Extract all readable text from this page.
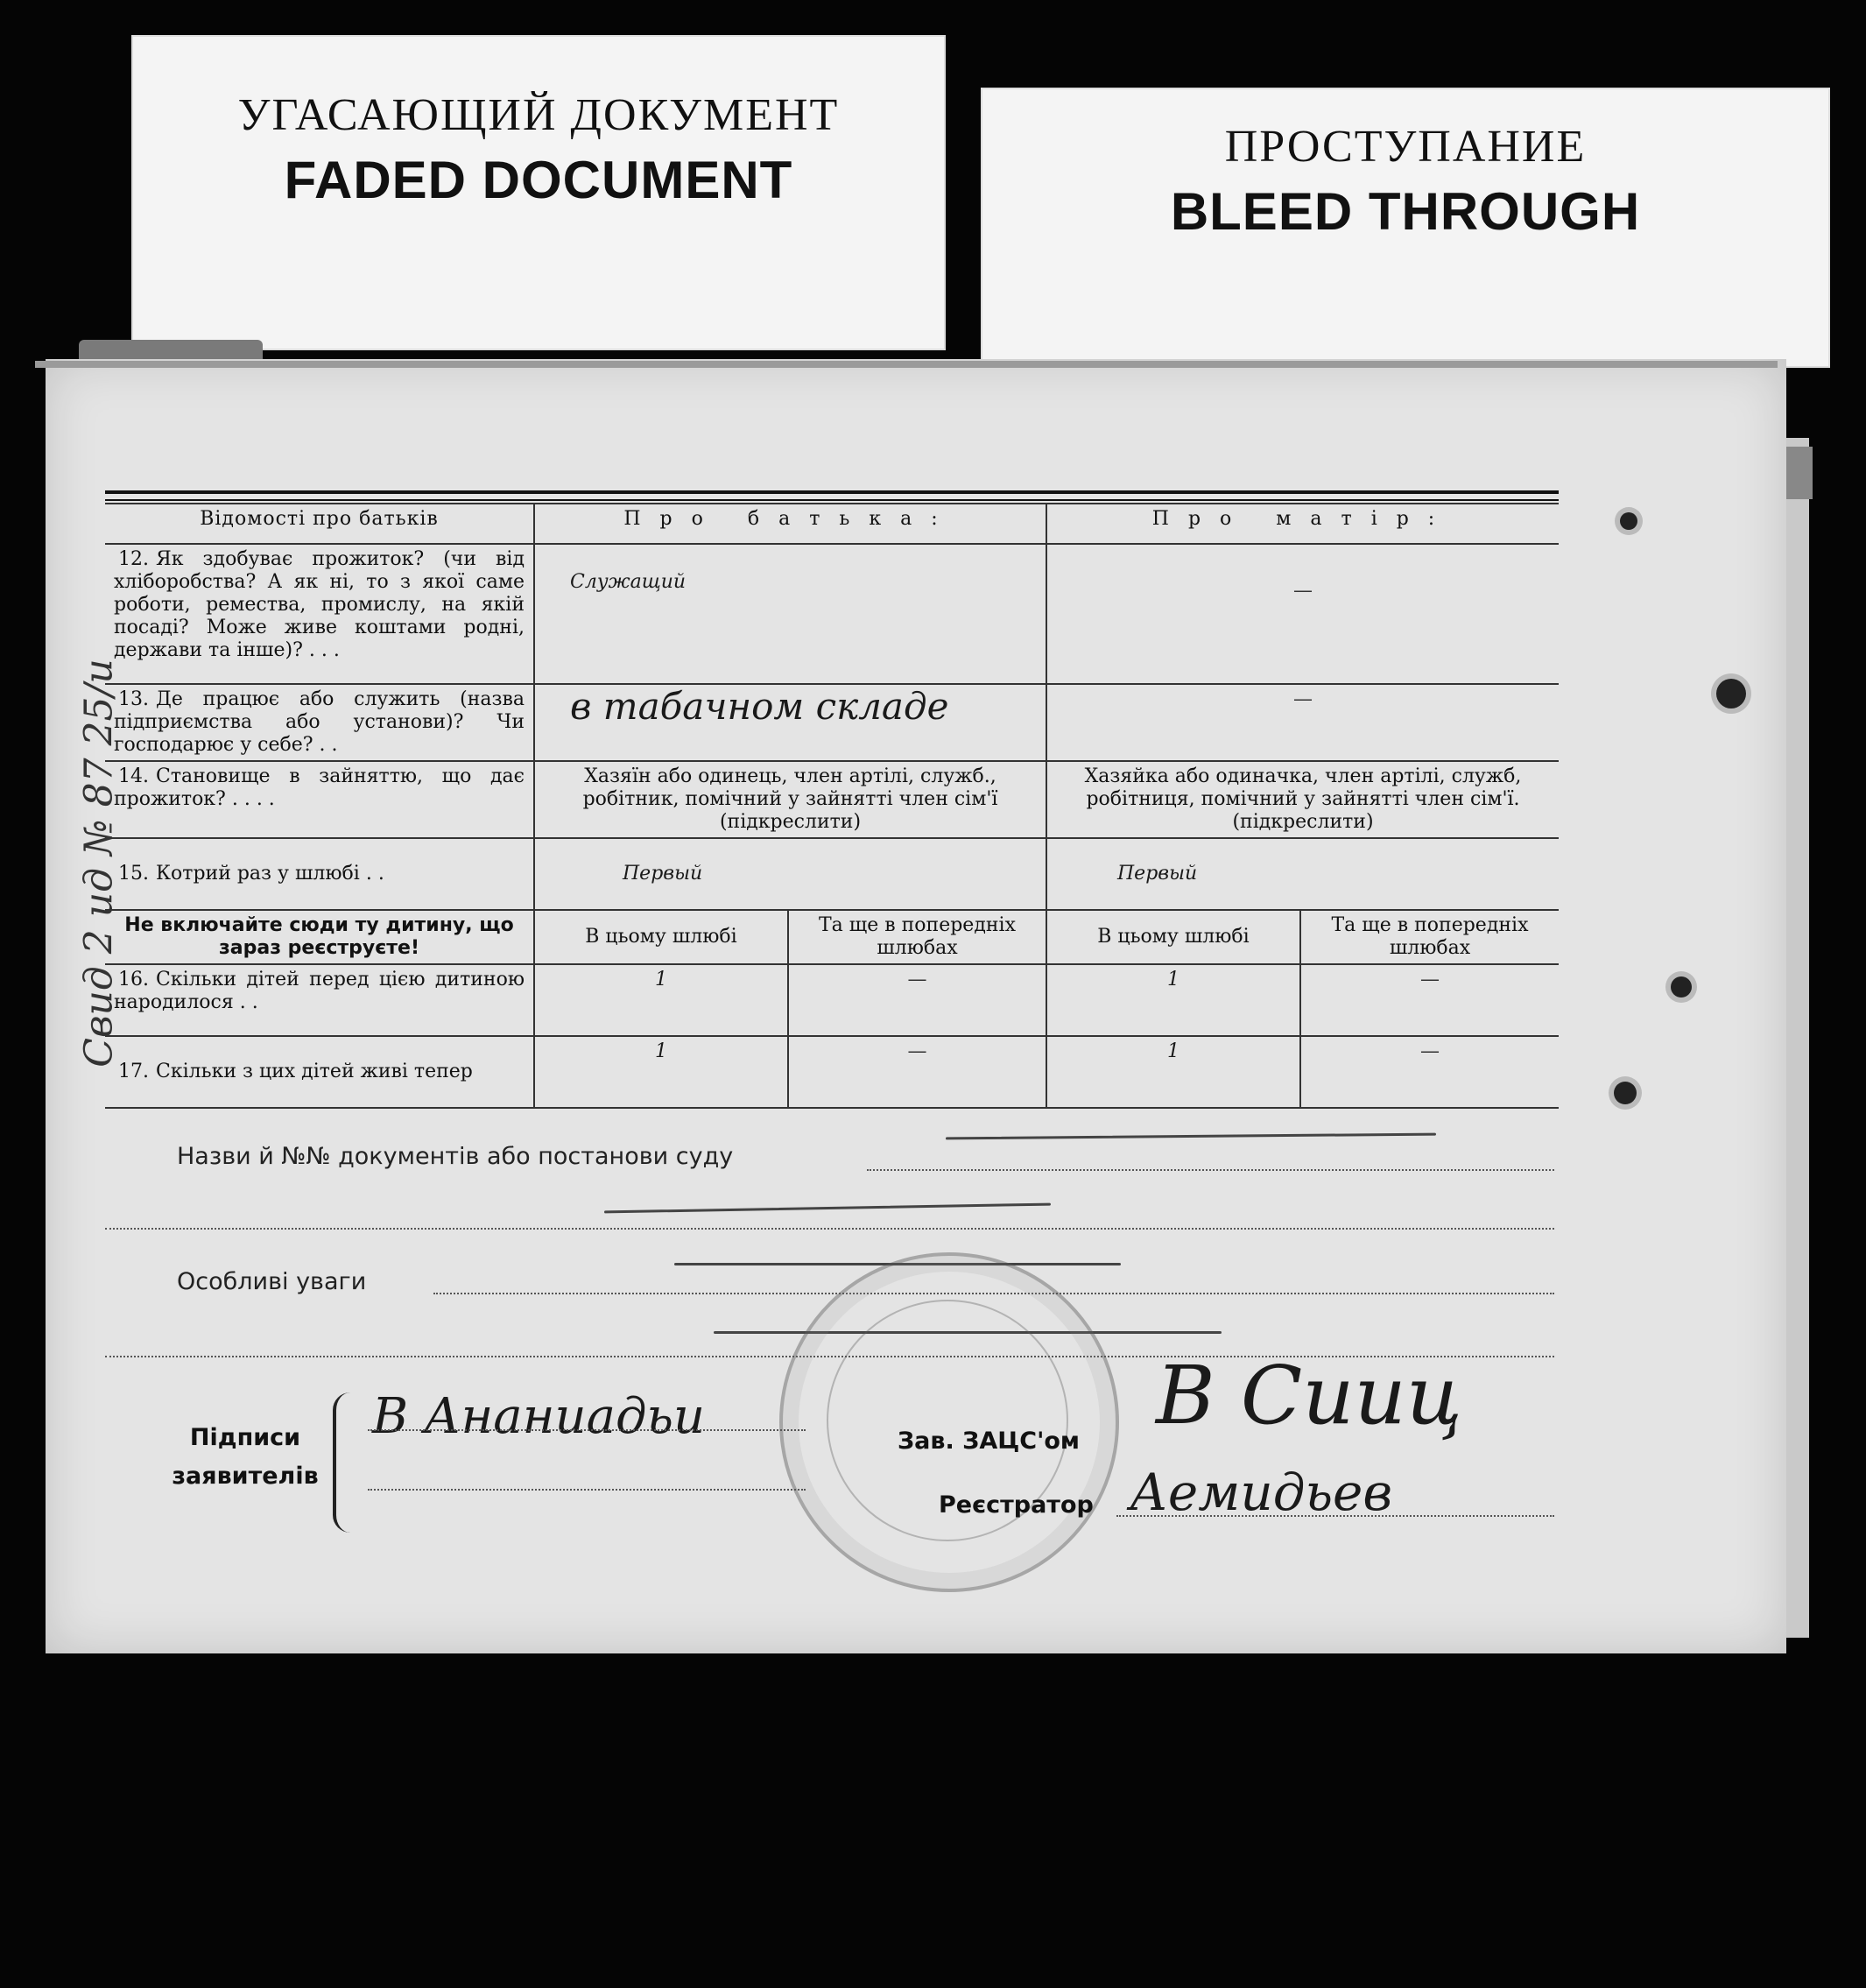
УГАСАЮЩИЙ ДОКУМЕНТ
FADED DOCUMENT
ПРОСТУПАНИЕ
BLEED THROUGH
Свид 2 ид № 87 25/и
Відомості про батьків	Про батька:		Про матір:	
12. Як здобуває прожиток? (чи від хліборобства? А як ні, то з якої саме роботи, ремества, промислу, на якій посаді? Може живе коштами родні, держави та інше)? . . .	Служащий		—	
13. Де працює або служить (назва підприємства або установи)? Чи господарює у себе? . .	в табачном складе		—	
14. Становище в зайняттю, що дає прожиток? . . . .	Хазяїн або одинець, член артілі, служб., робітник, помічний у зайнятті член сім'ї (підкреслити)		Хазяйка або одиначка, член артілі, служб, робітниця, помічний у зайнятті член сім'ї. (підкреслити)	
15. Котрий раз у шлюбі . .	Первый		Первый	
Не включайте сюди ту дитину, що зараз реєструєте!	В цьому шлюбі	Та ще в попередніх шлюбах	В цьому шлюбі	Та ще в попередніх шлюбах
16. Скільки дітей перед цією дитиною народилося . .	1	—	1	—
17. Скільки з цих дітей живі тепер	1	—	1	—
Назви й №№ документів або постанови суду
Особливі уваги
Підписи заявителів
В Ананиадьи	Зав. ЗАЦС'ом В Сииц
Реєстратор Аемидьев
